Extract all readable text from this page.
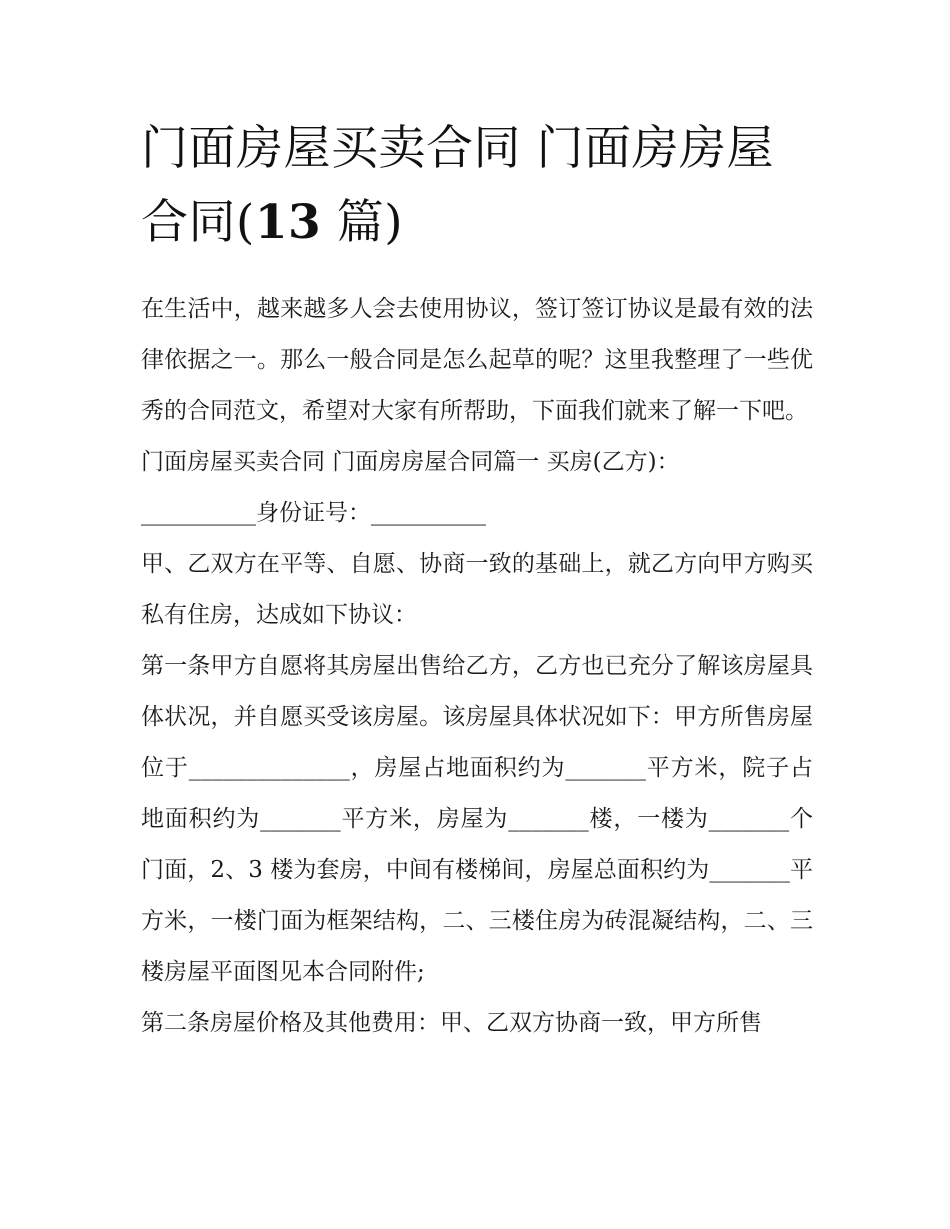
门面房屋买卖合同 门面房房屋合同(13 篇)

在生活中，越来越多人会去使用协议，签订签订协议是最有效的法律依据之一。那么一般合同是怎么起草的呢？这里我整理了一些优秀的合同范文，希望对大家有所帮助，下面我们就来了解一下吧。

门面房屋买卖合同 门面房房屋合同篇一 买房(乙方)：

__________身份证号：__________

甲、乙双方在平等、自愿、协商一致的基础上，就乙方向甲方购买私有住房，达成如下协议：

第一条甲方自愿将其房屋出售给乙方，乙方也已充分了解该房屋具体状况，并自愿买受该房屋。该房屋具体状况如下：甲方所售房屋位于______________，房屋占地面积约为_______平方米，院子占地面积约为_______平方米，房屋为_______楼，一楼为_______个门面，2、3 楼为套房，中间有楼梯间，房屋总面积约为_______平方米，一楼门面为框架结构，二、三楼住房为砖混凝结构，二、三楼房屋平面图见本合同附件;

第二条房屋价格及其他费用：甲、乙双方协商一致，甲方所售
